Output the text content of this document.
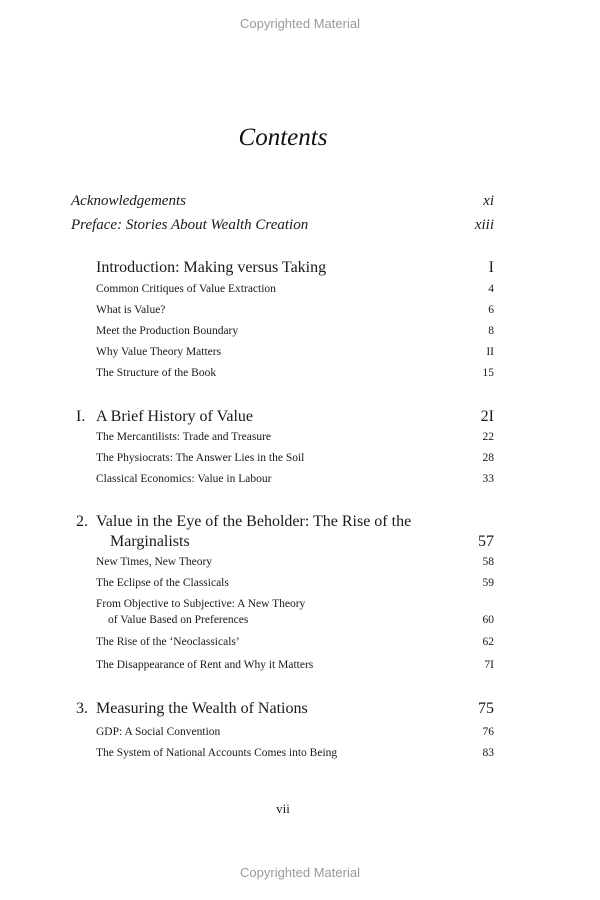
Copyrighted Material
Contents
Acknowledgements	xi
Preface: Stories About Wealth Creation	xiii
Introduction: Making versus Taking	I
Common Critiques of Value Extraction	4
What is Value?	6
Meet the Production Boundary	8
Why Value Theory Matters	II
The Structure of the Book	15
I. A Brief History of Value	2I
The Mercantilists: Trade and Treasure	22
The Physiocrats: The Answer Lies in the Soil	28
Classical Economics: Value in Labour	33
2. Value in the Eye of the Beholder: The Rise of the
Marginalists	57
New Times, New Theory	58
The Eclipse of the Classicals	59
From Objective to Subjective: A New Theory
of Value Based on Preferences	60
The Rise of the ‘Neoclassicals’	62
The Disappearance of Rent and Why it Matters	7I
3. Measuring the Wealth of Nations	75
GDP: A Social Convention	76
The System of National Accounts Comes into Being	83
vii
Copyrighted Material
